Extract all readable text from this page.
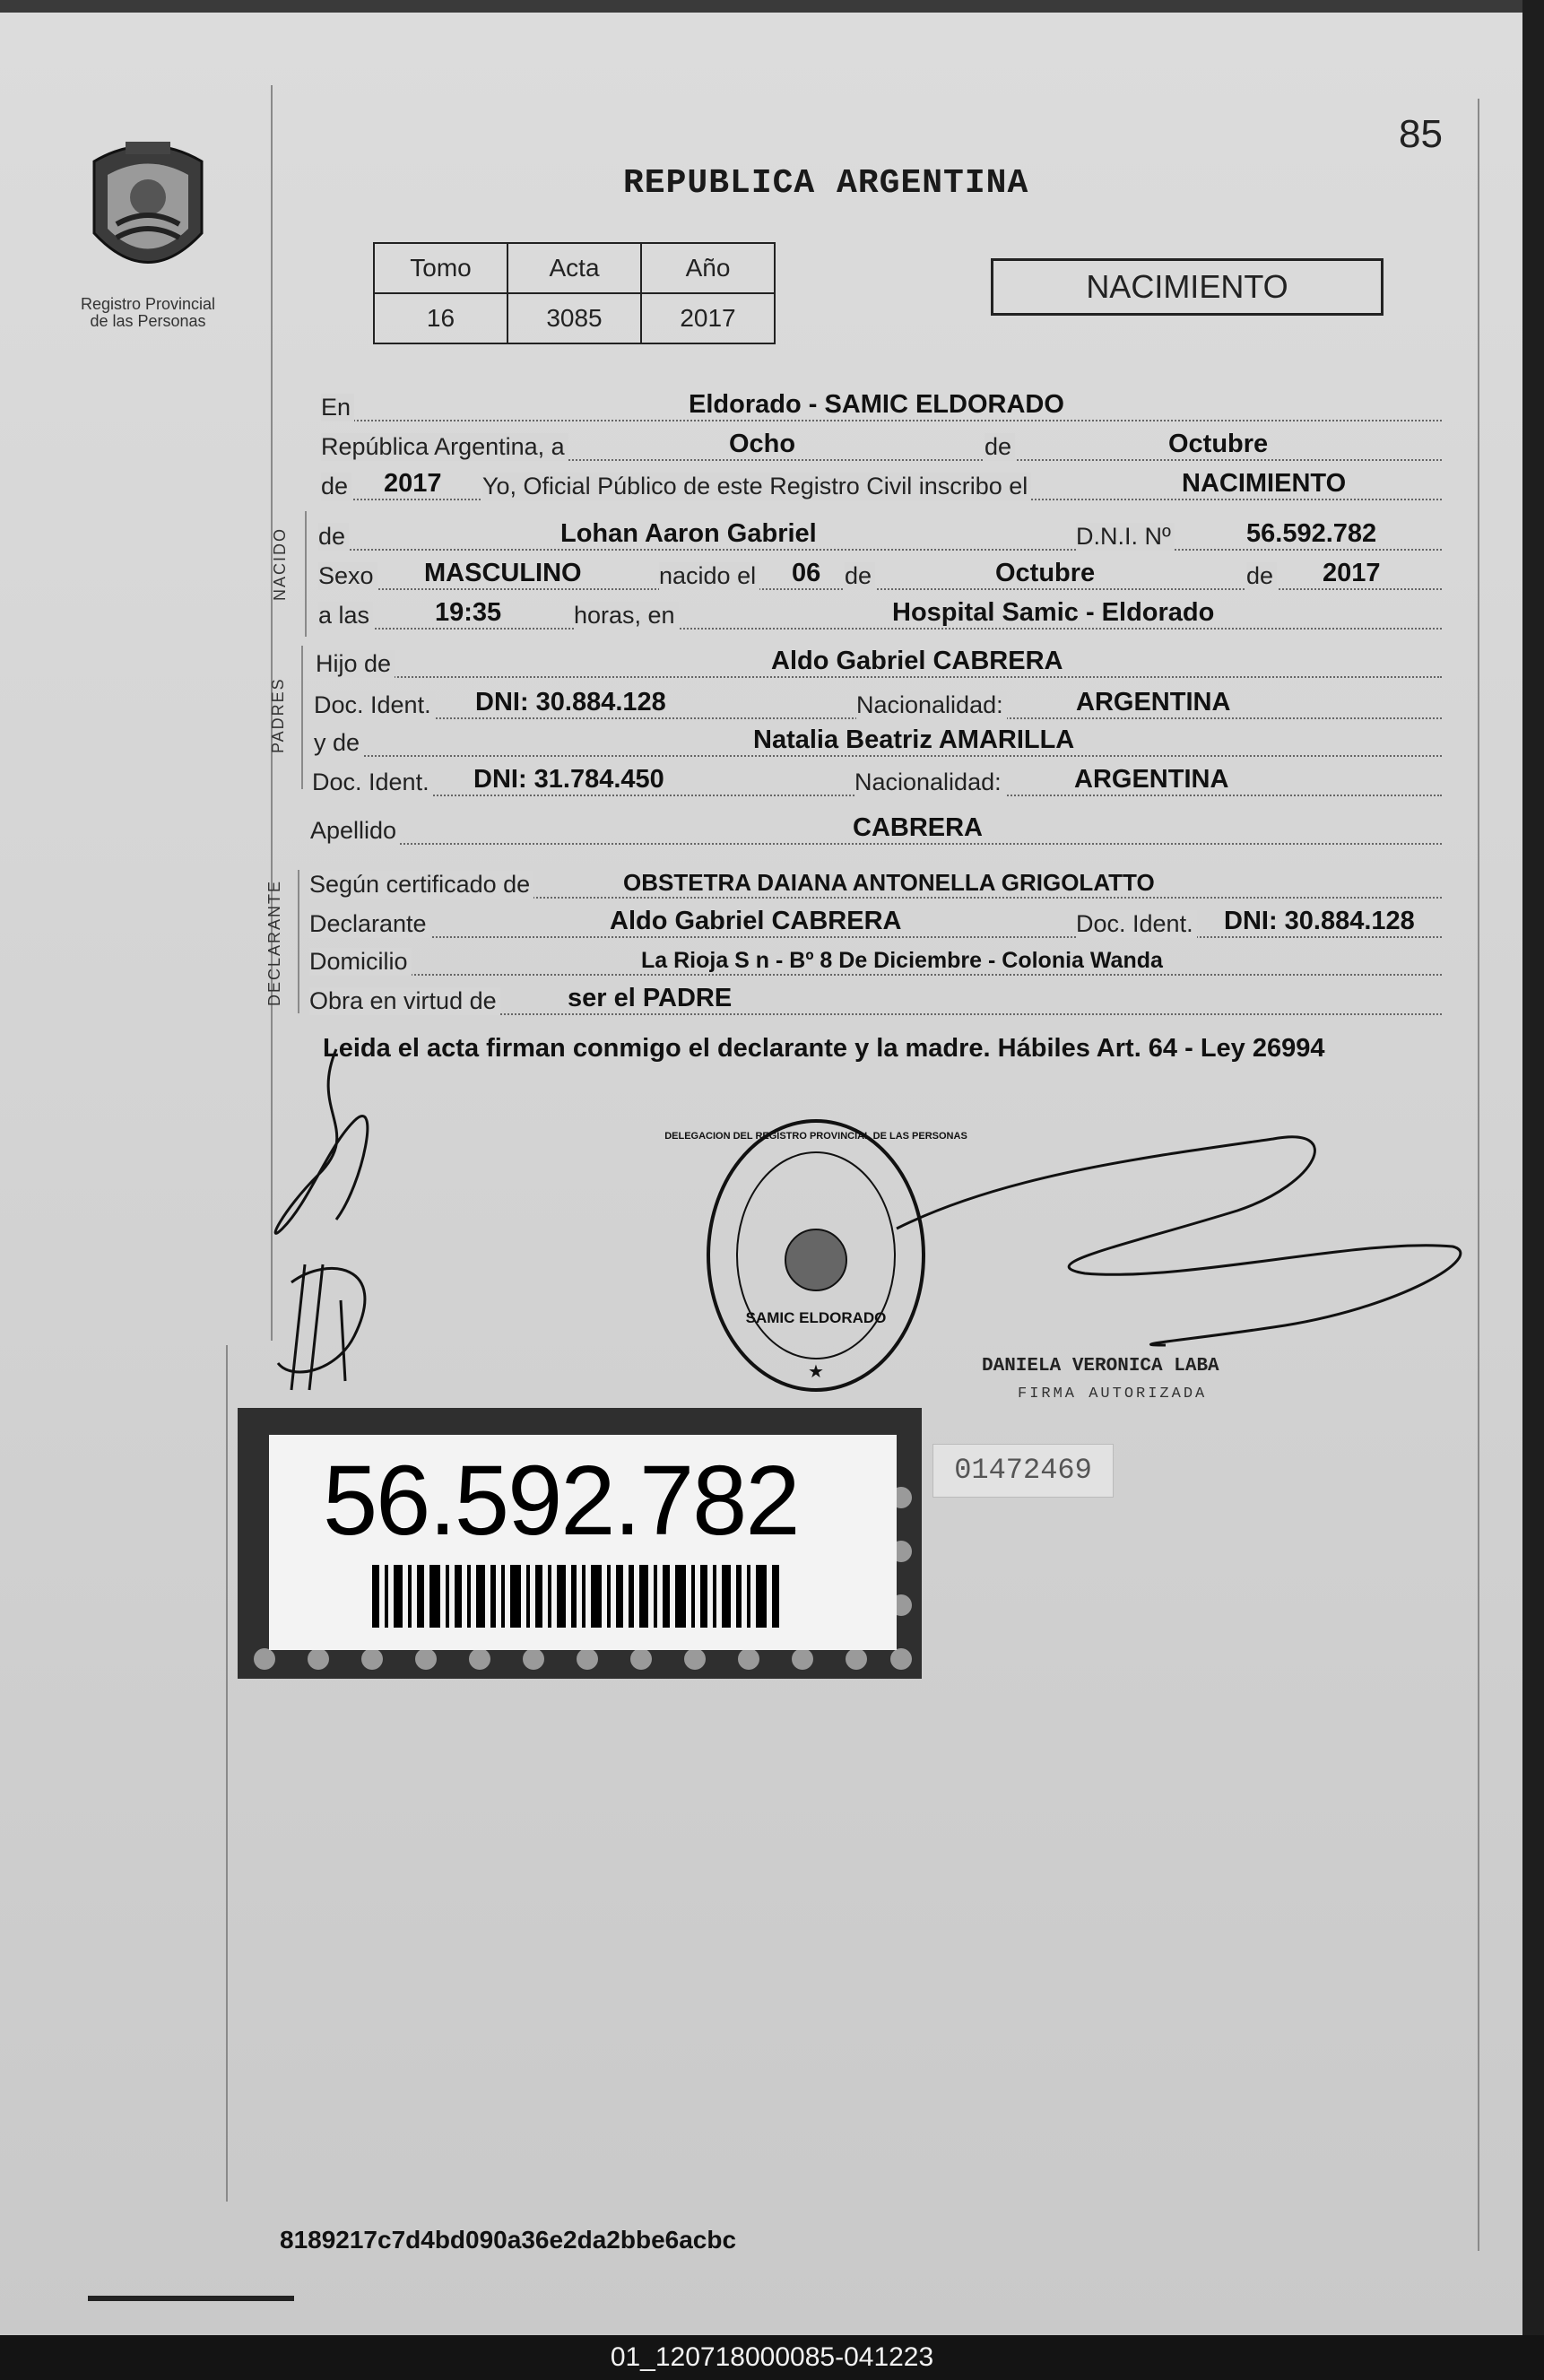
Registro Provincial
de las Personas
85
REPUBLICA ARGENTINA
Tomo	Acta	Año
16	3085	2017
NACIMIENTO
NACIDO
PADRES
DECLARANTE
En	Eldorado - SAMIC ELDORADO
República Argentina, a	Ocho	de	Octubre
de 2017 Yo, Oficial Público de este Registro Civil inscribo el	NACIMIENTO
de	Lohan Aaron Gabriel	D.N.I. Nº	56.592.782
Sexo MASCULINO	nacido el 06 de	Octubre	de 2017
a las	19:35	horas, en	Hospital Samic - Eldorado
Hijo de	Aldo Gabriel CABRERA
Doc. Ident. DNI: 30.884.128	Nacionalidad:	ARGENTINA
y de	Natalia Beatriz AMARILLA
Doc. Ident. DNI: 31.784.450	Nacionalidad:	ARGENTINA
Apellido	CABRERA
Según certificado de	OBSTETRA DAIANA ANTONELLA GRIGOLATTO
Declarante	Aldo Gabriel CABRERA	Doc. Ident. DNI: 30.884.128
Domicilio	La Rioja S n - Bº 8 De Diciembre - Colonia Wanda
Obra en virtud de	ser el PADRE
Leida el acta firman conmigo el declarante y la madre. Hábiles Art. 64 - Ley 26994
SAMIC ELDORADO
DELEGACION DEL REGISTRO PROVINCIAL DE LAS PERSONAS
★	DANIELA VERONICA LABA
FIRMA AUTORIZADA
56.592.782	01472469
8189217c7d4bd090a36e2da2bbe6acbc
01_120718000085-041223
